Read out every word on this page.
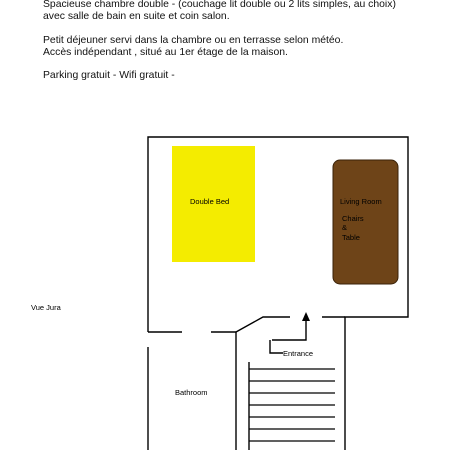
Spacieuse chambre double - (couchage lit double ou 2 lits simples, au choix)
avec salle de bain en suite et coin salon.

Petit déjeuner servi dans la chambre ou en terrasse selon météo.
Accès indépendant , situé au 1er étage de la maison.

Parking gratuit - Wifi gratuit -

Double Bed	Living Room
Chairs & Table
Vue Jura
Entrance
Bathroom
